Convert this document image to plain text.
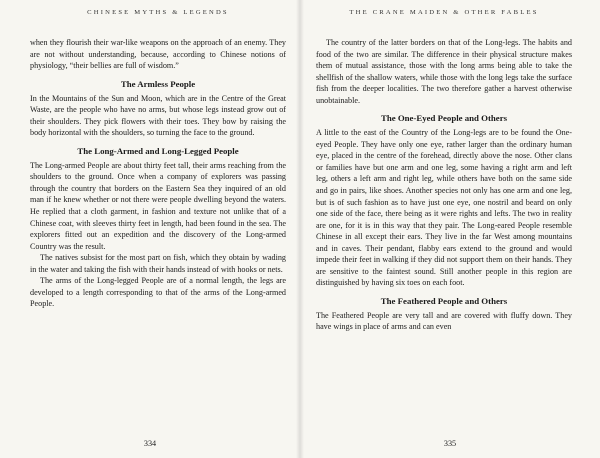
CHINESE MYTHS & LEGENDS

when they flourish their war-like weapons on the approach of an enemy. They are not without understanding, because, according to Chinese notions of physiology, “their bellies are full of wisdom.”

The Armless People

In the Mountains of the Sun and Moon, which are in the Centre of the Great Waste, are the people who have no arms, but whose legs instead grow out of their shoulders. They pick flowers with their toes. They bow by raising the body horizontal with the shoulders, so turning the face to the ground.

The Long-Armed and Long-Legged People

The Long-armed People are about thirty feet tall, their arms reaching from the shoulders to the ground. Once when a company of explorers was passing through the country that borders on the Eastern Sea they inquired of an old man if he knew whether or not there were people dwelling beyond the waters. He replied that a cloth garment, in fashion and texture not unlike that of a Chinese coat, with sleeves thirty feet in length, had been found in the sea. The explorers fitted out an expedition and the discovery of the Long-armed Country was the result.

The natives subsist for the most part on fish, which they obtain by wading in the water and taking the fish with their hands instead of with hooks or nets.

The arms of the Long-legged People are of a normal length, the legs are developed to a length corresponding to that of the arms of the Long-armed People.

334
THE CRANE MAIDEN & OTHER FABLES

The country of the latter borders on that of the Long-legs. The habits and food of the two are similar. The difference in their physical structure makes them of mutual assistance, those with the long arms being able to take the shellfish of the shallow waters, while those with the long legs take the surface fish from the deeper localities. The two therefore gather a harvest otherwise unobtainable.

The One-Eyed People and Others

A little to the east of the Country of the Long-legs are to be found the One-eyed People. They have only one eye, rather larger than the ordinary human eye, placed in the centre of the forehead, directly above the nose. Other clans or families have but one arm and one leg, some having a right arm and left leg, others a left arm and right leg, while others have both on the same side and go in pairs, like shoes. Another species not only has one arm and one leg, but is of such fashion as to have just one eye, one nostril and beard on only one side of the face, there being as it were rights and lefts. The two in reality are one, for it is in this way that they pair. The Long-eared People resemble Chinese in all except their ears. They live in the far West among mountains and in caves. Their pendant, flabby ears extend to the ground and would impede their feet in walking if they did not support them on their hands. They are sensitive to the faintest sound. Still another people in this region are distinguished by having six toes on each foot.

The Feathered People and Others

The Feathered People are very tall and are covered with fluffy down. They have wings in place of arms and can even

335
